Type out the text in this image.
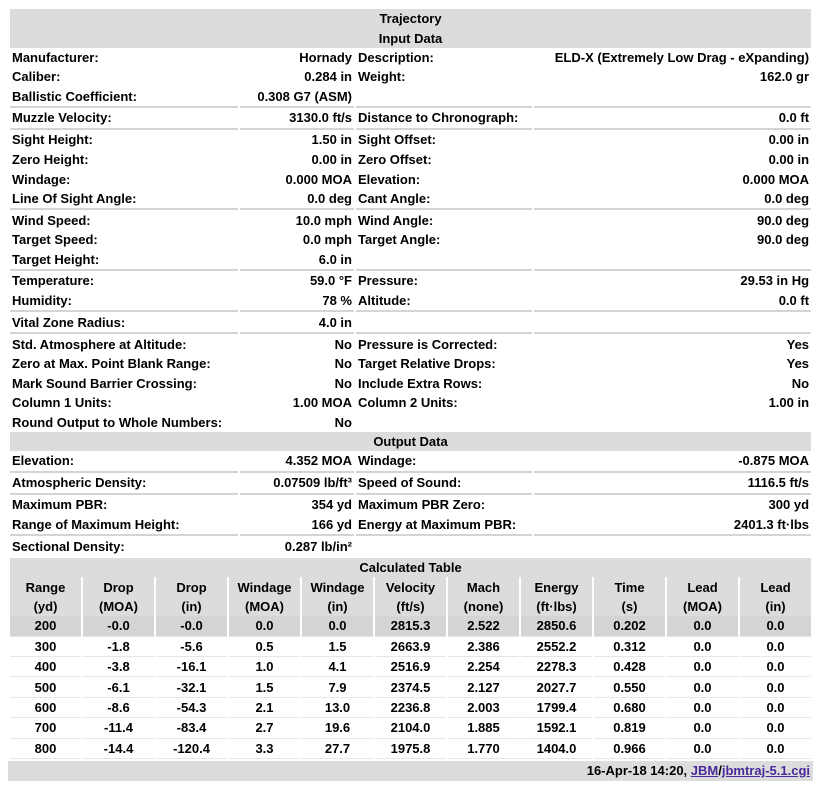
Trajectory			
Input Data			
Manufacturer:	Hornady	Description:	ELD-X (Extremely Low Drag - eXpanding)
Caliber:	0.284 in	Weight:	162.0 gr
Ballistic Coefficient:	0.308 G7 (ASM)		
Muzzle Velocity:	3130.0 ft/s	Distance to Chronograph:	0.0 ft
Sight Height:	1.50 in	Sight Offset:	0.00 in
Zero Height:	0.00 in	Zero Offset:	0.00 in
Windage:	0.000 MOA	Elevation:	0.000 MOA
Line Of Sight Angle:	0.0 deg	Cant Angle:	0.0 deg
Wind Speed:	10.0 mph	Wind Angle:	90.0 deg
Target Speed:	0.0 mph	Target Angle:	90.0 deg
Target Height:	6.0 in		
Temperature:	59.0 °F	Pressure:	29.53 in Hg
Humidity:	78 %	Altitude:	0.0 ft
Vital Zone Radius:	4.0 in		
Std. Atmosphere at Altitude:	No	Pressure is Corrected:	Yes
Zero at Max. Point Blank Range:	No	Target Relative Drops:	Yes
Mark Sound Barrier Crossing:	No	Include Extra Rows:	No
Column 1 Units:	1.00 MOA	Column 2 Units:	1.00 in
Round Output to Whole Numbers:	No		
Output Data			
Elevation:	4.352 MOA	Windage:	-0.875 MOA
Atmospheric Density:	0.07509 lb/ft³	Speed of Sound:	1116.5 ft/s
Maximum PBR:	354 yd	Maximum PBR Zero:	300 yd
Range of Maximum Height:	166 yd	Energy at Maximum PBR:	2401.3 ft·lbs
Sectional Density:	0.287 lb/in²		
Calculated Table										
Range	Drop	Drop	Windage	Windage	Velocity	Mach	Energy	Time	Lead	Lead
(yd)	(MOA)	(in)	(MOA)	(in)	(ft/s)	(none)	(ft·lbs)	(s)	(MOA)	(in)
200	-0.0	-0.0	0.0	0.0	2815.3	2.522	2850.6	0.202	0.0	0.0
300	-1.8	-5.6	0.5	1.5	2663.9	2.386	2552.2	0.312	0.0	0.0
400	-3.8	-16.1	1.0	4.1	2516.9	2.254	2278.3	0.428	0.0	0.0
500	-6.1	-32.1	1.5	7.9	2374.5	2.127	2027.7	0.550	0.0	0.0
600	-8.6	-54.3	2.1	13.0	2236.8	2.003	1799.4	0.680	0.0	0.0
700	-11.4	-83.4	2.7	19.6	2104.0	1.885	1592.1	0.819	0.0	0.0
800	-14.4	-120.4	3.3	27.7	1975.8	1.770	1404.0	0.966	0.0	0.0
16-Apr-18 14:20, JBM/jbmtraj-5.1.cgi
